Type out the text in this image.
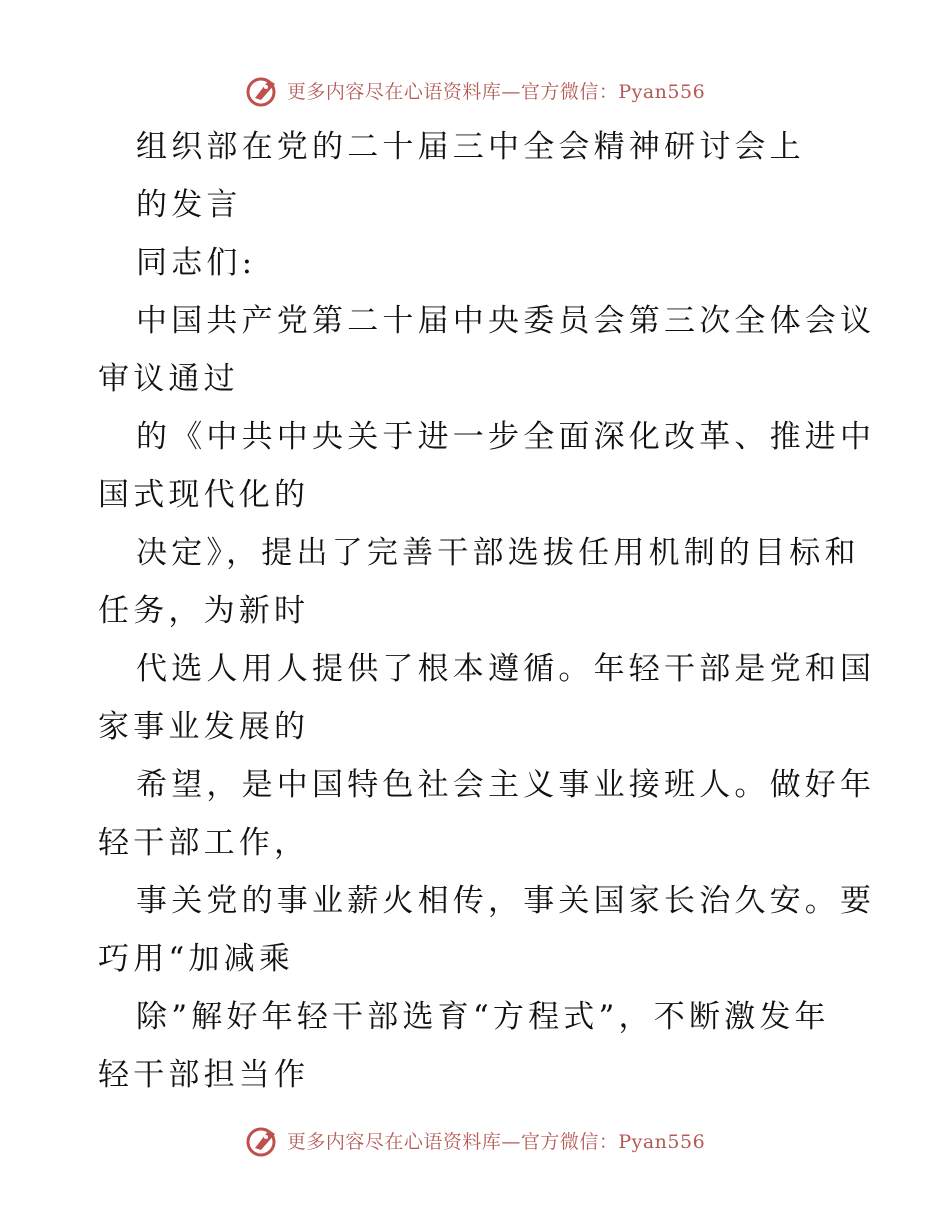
更多内容尽在心语资料库—官方微信：Pyan556
组织部在党的二十届三中全会精神研讨会上
的发言
同志们:
中国共产党第二十届中央委员会第三次全体会议
审议通过
的《中共中央关于进一步全面深化改革、推进中
国式现代化的
决定》，提出了完善干部选拔任用机制的目标和
任务，为新时
代选人用人提供了根本遵循。年轻干部是党和国
家事业发展的
希望，是中国特色社会主义事业接班人。做好年
轻干部工作，
事关党的事业薪火相传，事关国家长治久安。要
巧用“加减乘
除”解好年轻干部选育“方程式”，不断激发年
轻干部担当作
更多内容尽在心语资料库—官方微信：Pyan556
